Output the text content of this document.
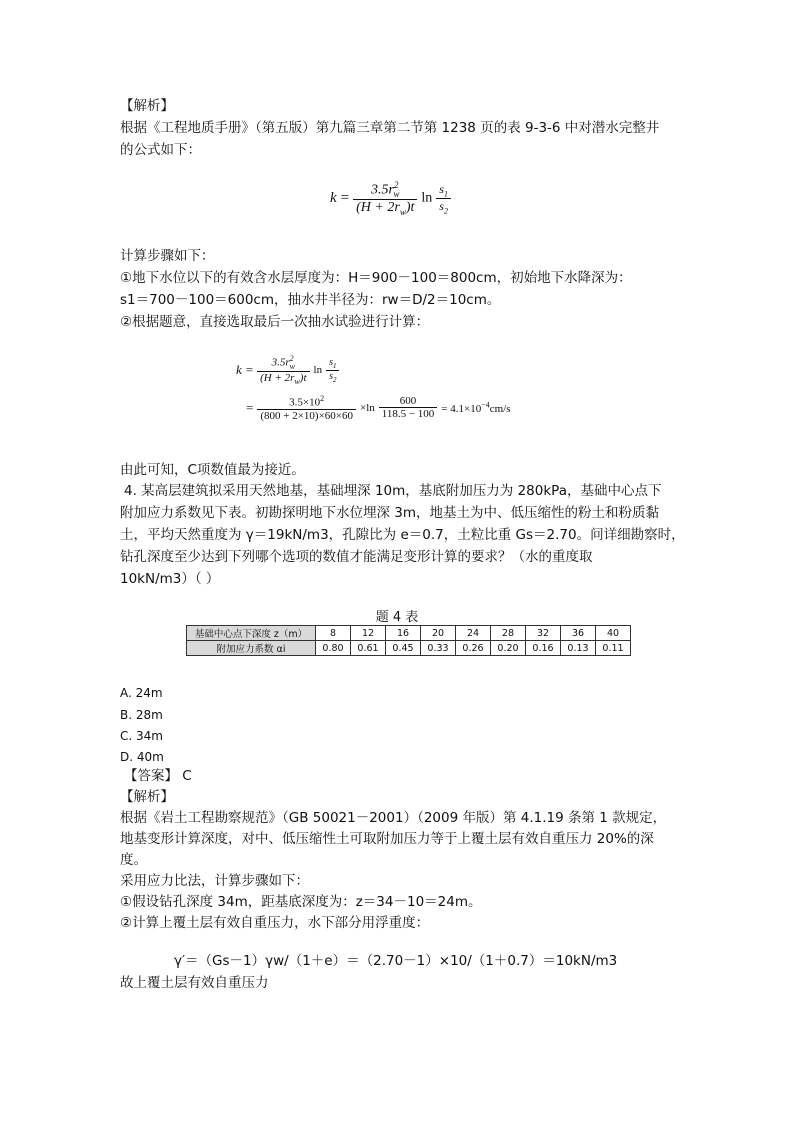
【解析】
根据《工程地质手册》（第五版）第九篇三章第二节第 1238 页的表 9-3-6 中对潜水完整井
的公式如下：
$k = \frac{3.5r^2_w}{(H + 2r_w)t}$ $\ln \frac{s_1}{s_2}$
计算步骤如下：
①地下水位以下的有效含水层厚度为：H＝900－100＝800cm，初始地下水降深为：
s1＝700－100＝600cm，抽水井半径为：rw＝D/2＝10cm。
②根据题意，直接选取最后一次抽水试验进行计算：
$k = \frac{3.5r^2_w}{(H + 2r_w)t}$ $\ln \frac{s_1}{s_2}$
= $\frac{3.5\times 10^2}{(800 + 2\times 10)\times 60\times 60} \times\ln \frac{600}{118.5 - 100} = 4.1\times 10^{-4}cm/s$
由此可知，C项数值最为接近。
4. 某高层建筑拟采用天然地基，基础埋深 10m，基底附加压力为 280kPa，基础中心点下
附加应力系数见下表。初勘探明地下水位埋深 3m，地基土为中、低压缩性的粉土和粉质黏
土，平均天然重度为 γ＝19kN/m3，孔隙比为 e＝0.7，土粒比重 Gs＝2.70。问详细勘察时，
钻孔深度至少达到下列哪个选项的数值才能满足变形计算的要求？（水的重度取
10kN/m3）（ ）
题 4 表
基础中心点下深度 z（m）	8	12	16	20	24	28	32	36	40
附加应力系数 αi	0.80	0.61	0.45	0.33	0.26	0.20	0.16	0.13	0.11
A. 24m
B. 28m
C. 34m
D. 40m
【答案】 C
【解析】
根据《岩土工程勘察规范》（GB 50021－2001）（2009 年版）第 4.1.19 条第 1 款规定，
地基变形计算深度，对中、低压缩性土可取附加压力等于上覆土层有效自重压力 20%的深
度。
采用应力比法，计算步骤如下：
①假设钻孔深度 34m，距基底深度为：z＝34－10＝24m。
②计算上覆土层有效自重压力，水下部分用浮重度：
γ′＝（Gs－1）γw/（1＋e）＝（2.70－1）×10/（1＋0.7）＝10kN/m3
故上覆土层有效自重压力
